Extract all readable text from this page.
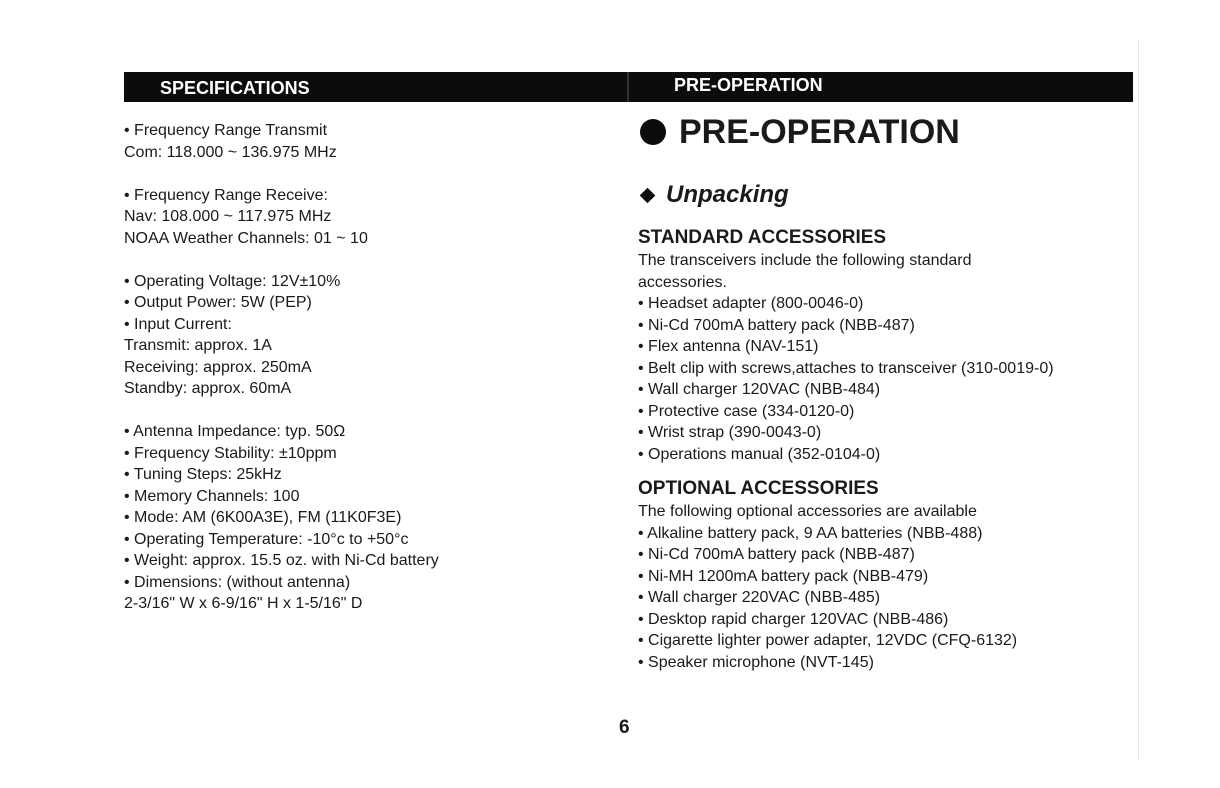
SPECIFICATIONS	PRE-OPERATION
• Frequency Range Transmit
Com: 118.000 ~ 136.975 MHz
• Frequency Range Receive:
Nav: 108.000 ~ 117.975 MHz
NOAA Weather Channels: 01 ~ 10
• Operating Voltage: 12V±10%
• Output Power: 5W (PEP)
• Input Current:
Transmit: approx. 1A
Receiving: approx. 250mA
Standby: approx. 60mA
• Antenna Impedance: typ. 50Ω
• Frequency Stability: ±10ppm
• Tuning Steps: 25kHz
• Memory Channels: 100
• Mode: AM (6K00A3E), FM (11K0F3E)
• Operating Temperature: -10°c to +50°c
• Weight: approx. 15.5 oz. with Ni-Cd battery
• Dimensions: (without antenna)
2-3/16" W x 6-9/16" H x 1-5/16" D
PRE-OPERATION
Unpacking
STANDARD ACCESSORIES
The transceivers include the following standard
accessories.
• Headset adapter (800-0046-0)
• Ni-Cd 700mA battery pack (NBB-487)
• Flex antenna (NAV-151)
• Belt clip with screws,attaches to transceiver (310-0019-0)
• Wall charger 120VAC (NBB-484)
• Protective case (334-0120-0)
• Wrist strap (390-0043-0)
• Operations manual (352-0104-0)
OPTIONAL ACCESSORIES
The following optional accessories are available
• Alkaline battery pack, 9 AA batteries (NBB-488)
• Ni-Cd 700mA battery pack (NBB-487)
• Ni-MH 1200mA battery pack (NBB-479)
• Wall charger 220VAC (NBB-485)
• Desktop rapid charger 120VAC (NBB-486)
• Cigarette lighter power adapter, 12VDC (CFQ-6132)
• Speaker microphone (NVT-145)
6
